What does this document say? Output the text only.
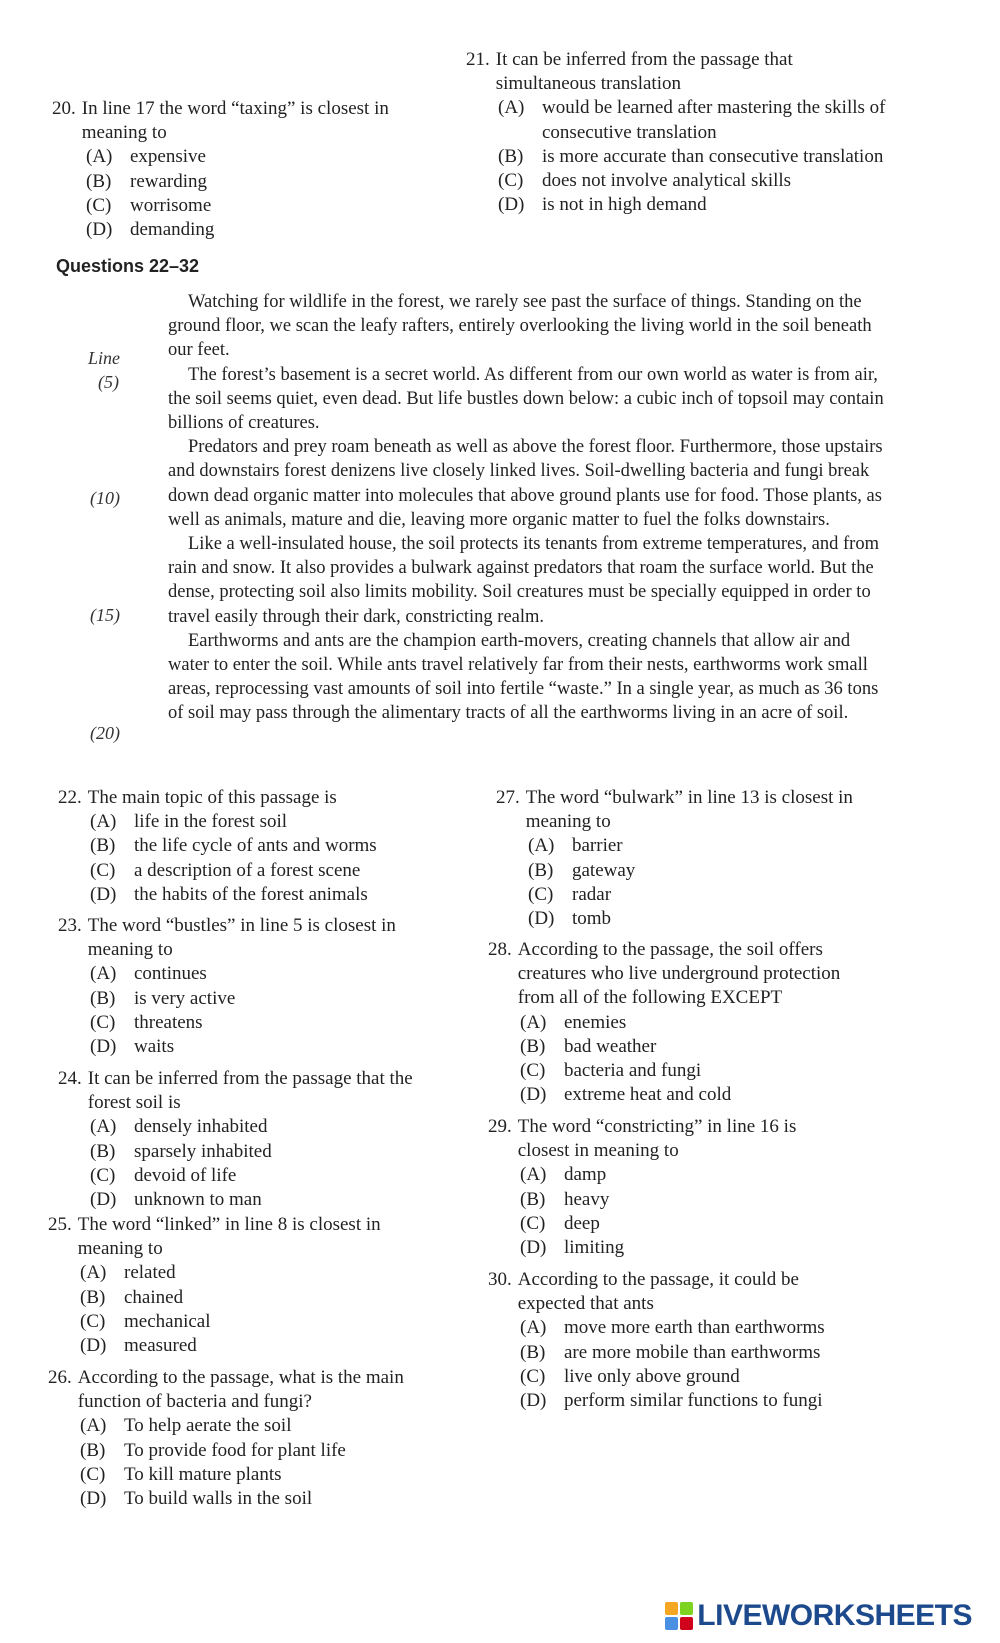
20. In line 17 the word “taxing” is closest in
meaning to
(A) expensive
(B) rewarding
(C) worrisome
(D) demanding
21. It can be inferred from the passage that
simultaneous translation
(A) would be learned after mastering the skills of consecutive translation
(B) is more accurate than consecutive translation
(C) does not involve analytical skills
(D) is not in high demand
Questions 22–32
Line
(5)
(10)
(15)
(20)

Watching for wildlife in the forest, we rarely see past the surface of things. Standing on the ground floor, we scan the leafy rafters, entirely overlooking the living world in the soil beneath our feet.

The forest’s basement is a secret world. As different from our own world as water is from air, the soil seems quiet, even dead. But life bustles down below: a cubic inch of topsoil may contain billions of creatures.

Predators and prey roam beneath as well as above the forest floor. Furthermore, those upstairs and downstairs forest denizens live closely linked lives. Soil-dwelling bacteria and fungi break down dead organic matter into molecules that above ground plants use for food. Those plants, as well as animals, mature and die, leaving more organic matter to fuel the folks downstairs.

Like a well-insulated house, the soil protects its tenants from extreme temperatures, and from rain and snow. It also provides a bulwark against predators that roam the surface world. But the dense, protecting soil also limits mobility. Soil creatures must be specially equipped in order to travel easily through their dark, constricting realm.

Earthworms and ants are the champion earth-movers, creating channels that allow air and water to enter the soil. While ants travel relatively far from their nests, earthworms work small areas, reprocessing vast amounts of soil into fertile “waste.” In a single year, as much as 36 tons of soil may pass through the alimentary tracts of all the earthworms living in an acre of soil.

22. The main topic of this passage is
(A) life in the forest soil
(B) the life cycle of ants and worms
(C) a description of a forest scene
(D) the habits of the forest animals
23. The word “bustles” in line 5 is closest in
meaning to
(A) continues
(B) is very active
(C) threatens
(D) waits
24. It can be inferred from the passage that the
forest soil is
(A) densely inhabited
(B) sparsely inhabited
(C) devoid of life
(D) unknown to man
25. The word “linked” in line 8 is closest in
meaning to
(A) related
(B) chained
(C) mechanical
(D) measured
26. According to the passage, what is the main
function of bacteria and fungi?
(A) To help aerate the soil
(B) To provide food for plant life
(C) To kill mature plants
(D) To build walls in the soil
27. The word “bulwark” in line 13 is closest in
meaning to
(A) barrier
(B) gateway
(C) radar
(D) tomb
28. According to the passage, the soil offers
creatures who live underground protection
from all of the following EXCEPT
(A) enemies
(B) bad weather
(C) bacteria and fungi
(D) extreme heat and cold
29. The word “constricting” in line 16 is
closest in meaning to
(A) damp
(B) heavy
(C) deep
(D) limiting
30. According to the passage, it could be
expected that ants
(A) move more earth than earthworms
(B) are more mobile than earthworms
(C) live only above ground
(D) perform similar functions to fungi
LIVEWORKSHEETS
